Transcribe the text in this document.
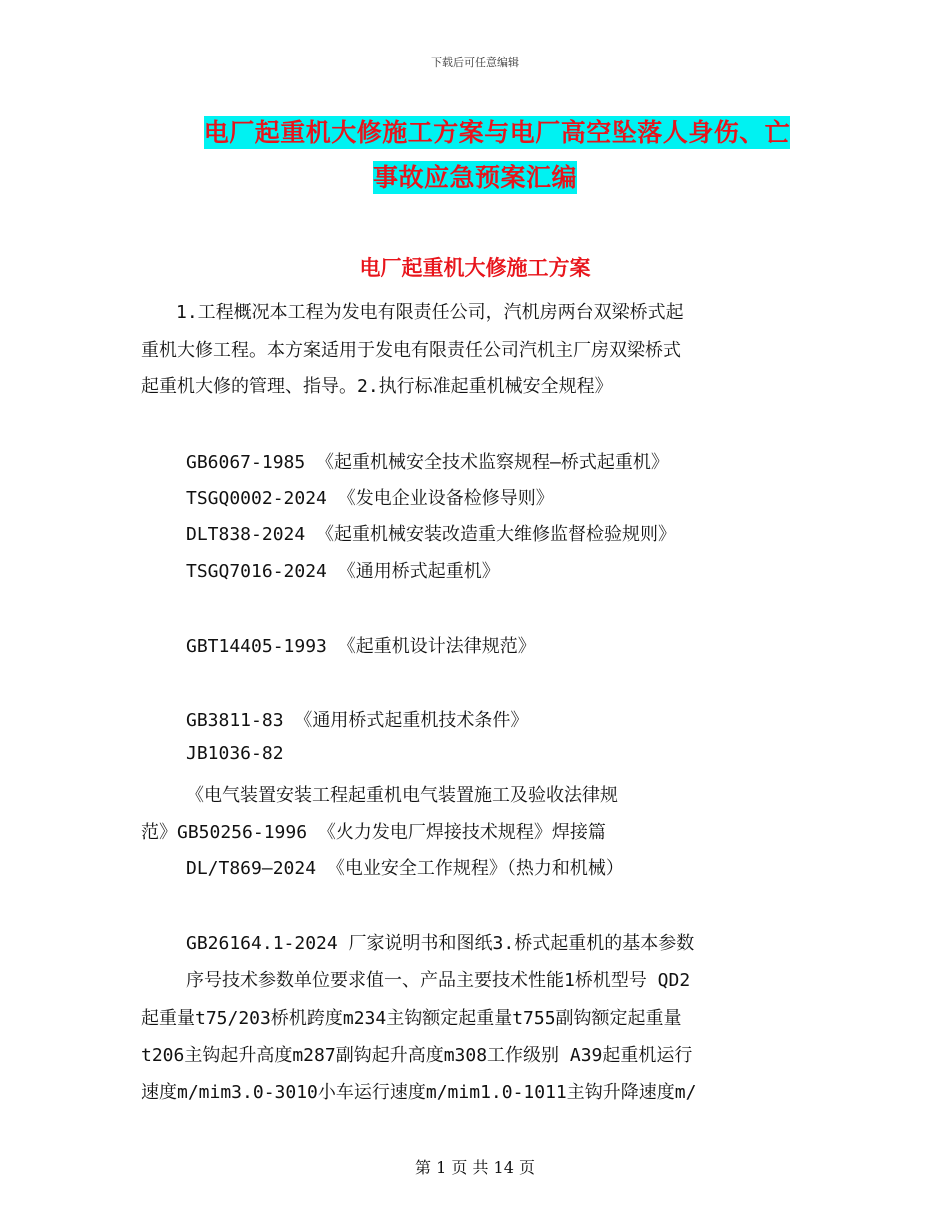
下载后可任意编辑
电厂起重机大修施工方案与电厂高空坠落人身伤、亡
事故应急预案汇编
电厂起重机大修施工方案
1.工程概况本工程为发电有限责任公司，汽机房两台双梁桥式起
重机大修工程。本方案适用于发电有限责任公司汽机主厂房双梁桥式
起重机大修的管理、指导。2.执行标准起重机械安全规程》
GB6067-1985 《起重机械安全技术监察规程—桥式起重机》
TSGQ0002-2024 《发电企业设备检修导则》
DLT838-2024 《起重机械安装改造重大维修监督检验规则》
TSGQ7016-2024 《通用桥式起重机》
GBT14405-1993 《起重机设计法律规范》
GB3811-83 《通用桥式起重机技术条件》
JB1036-82
《电气装置安装工程起重机电气装置施工及验收法律规
范》GB50256-1996 《火力发电厂焊接技术规程》焊接篇
DL/T869—2024 《电业安全工作规程》（热力和机械）
GB26164.1-2024 厂家说明书和图纸3.桥式起重机的基本参数
序号技术参数单位要求值一、产品主要技术性能1桥机型号 QD2
起重量t75/203桥机跨度m234主钩额定起重量t755副钩额定起重量
t206主钩起升高度m287副钩起升高度m308工作级别 A39起重机运行
速度m/mim3.0-3010小车运行速度m/mim1.0-1011主钩升降速度m/
第 1 页 共 14 页
